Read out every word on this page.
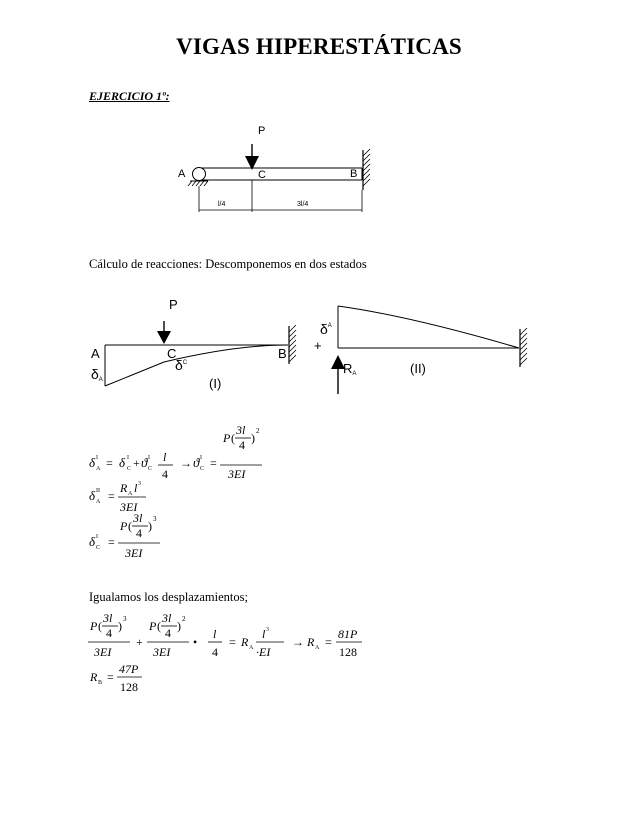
VIGAS HIPERESTÁTICAS
EJERCICIO 1º:
P
A	C	B
l/4	3l/4
Cálculo de reacciones: Descomponemos en dos estados
P
A	C	B
δA
$\delta^C$
(I)
+
$\delta^A$
RA	(II)
δ I
A = δ I
C + ϑ I
C
l
4
→ ϑ I
C =
P (
3l
4 ) 2
3EI
δ II
A =
R A l 3
3EI
δ I
C =
P (
3l
4 ) 3
3EI
Igualamos los desplazamientos;
P (
3l
4 ) 3
3EI
+
P (
3l
4 ) 2
3EI
•
l
4
= R A
l 3
·EI
→ R A =
81P
128
R B =
47P
128
